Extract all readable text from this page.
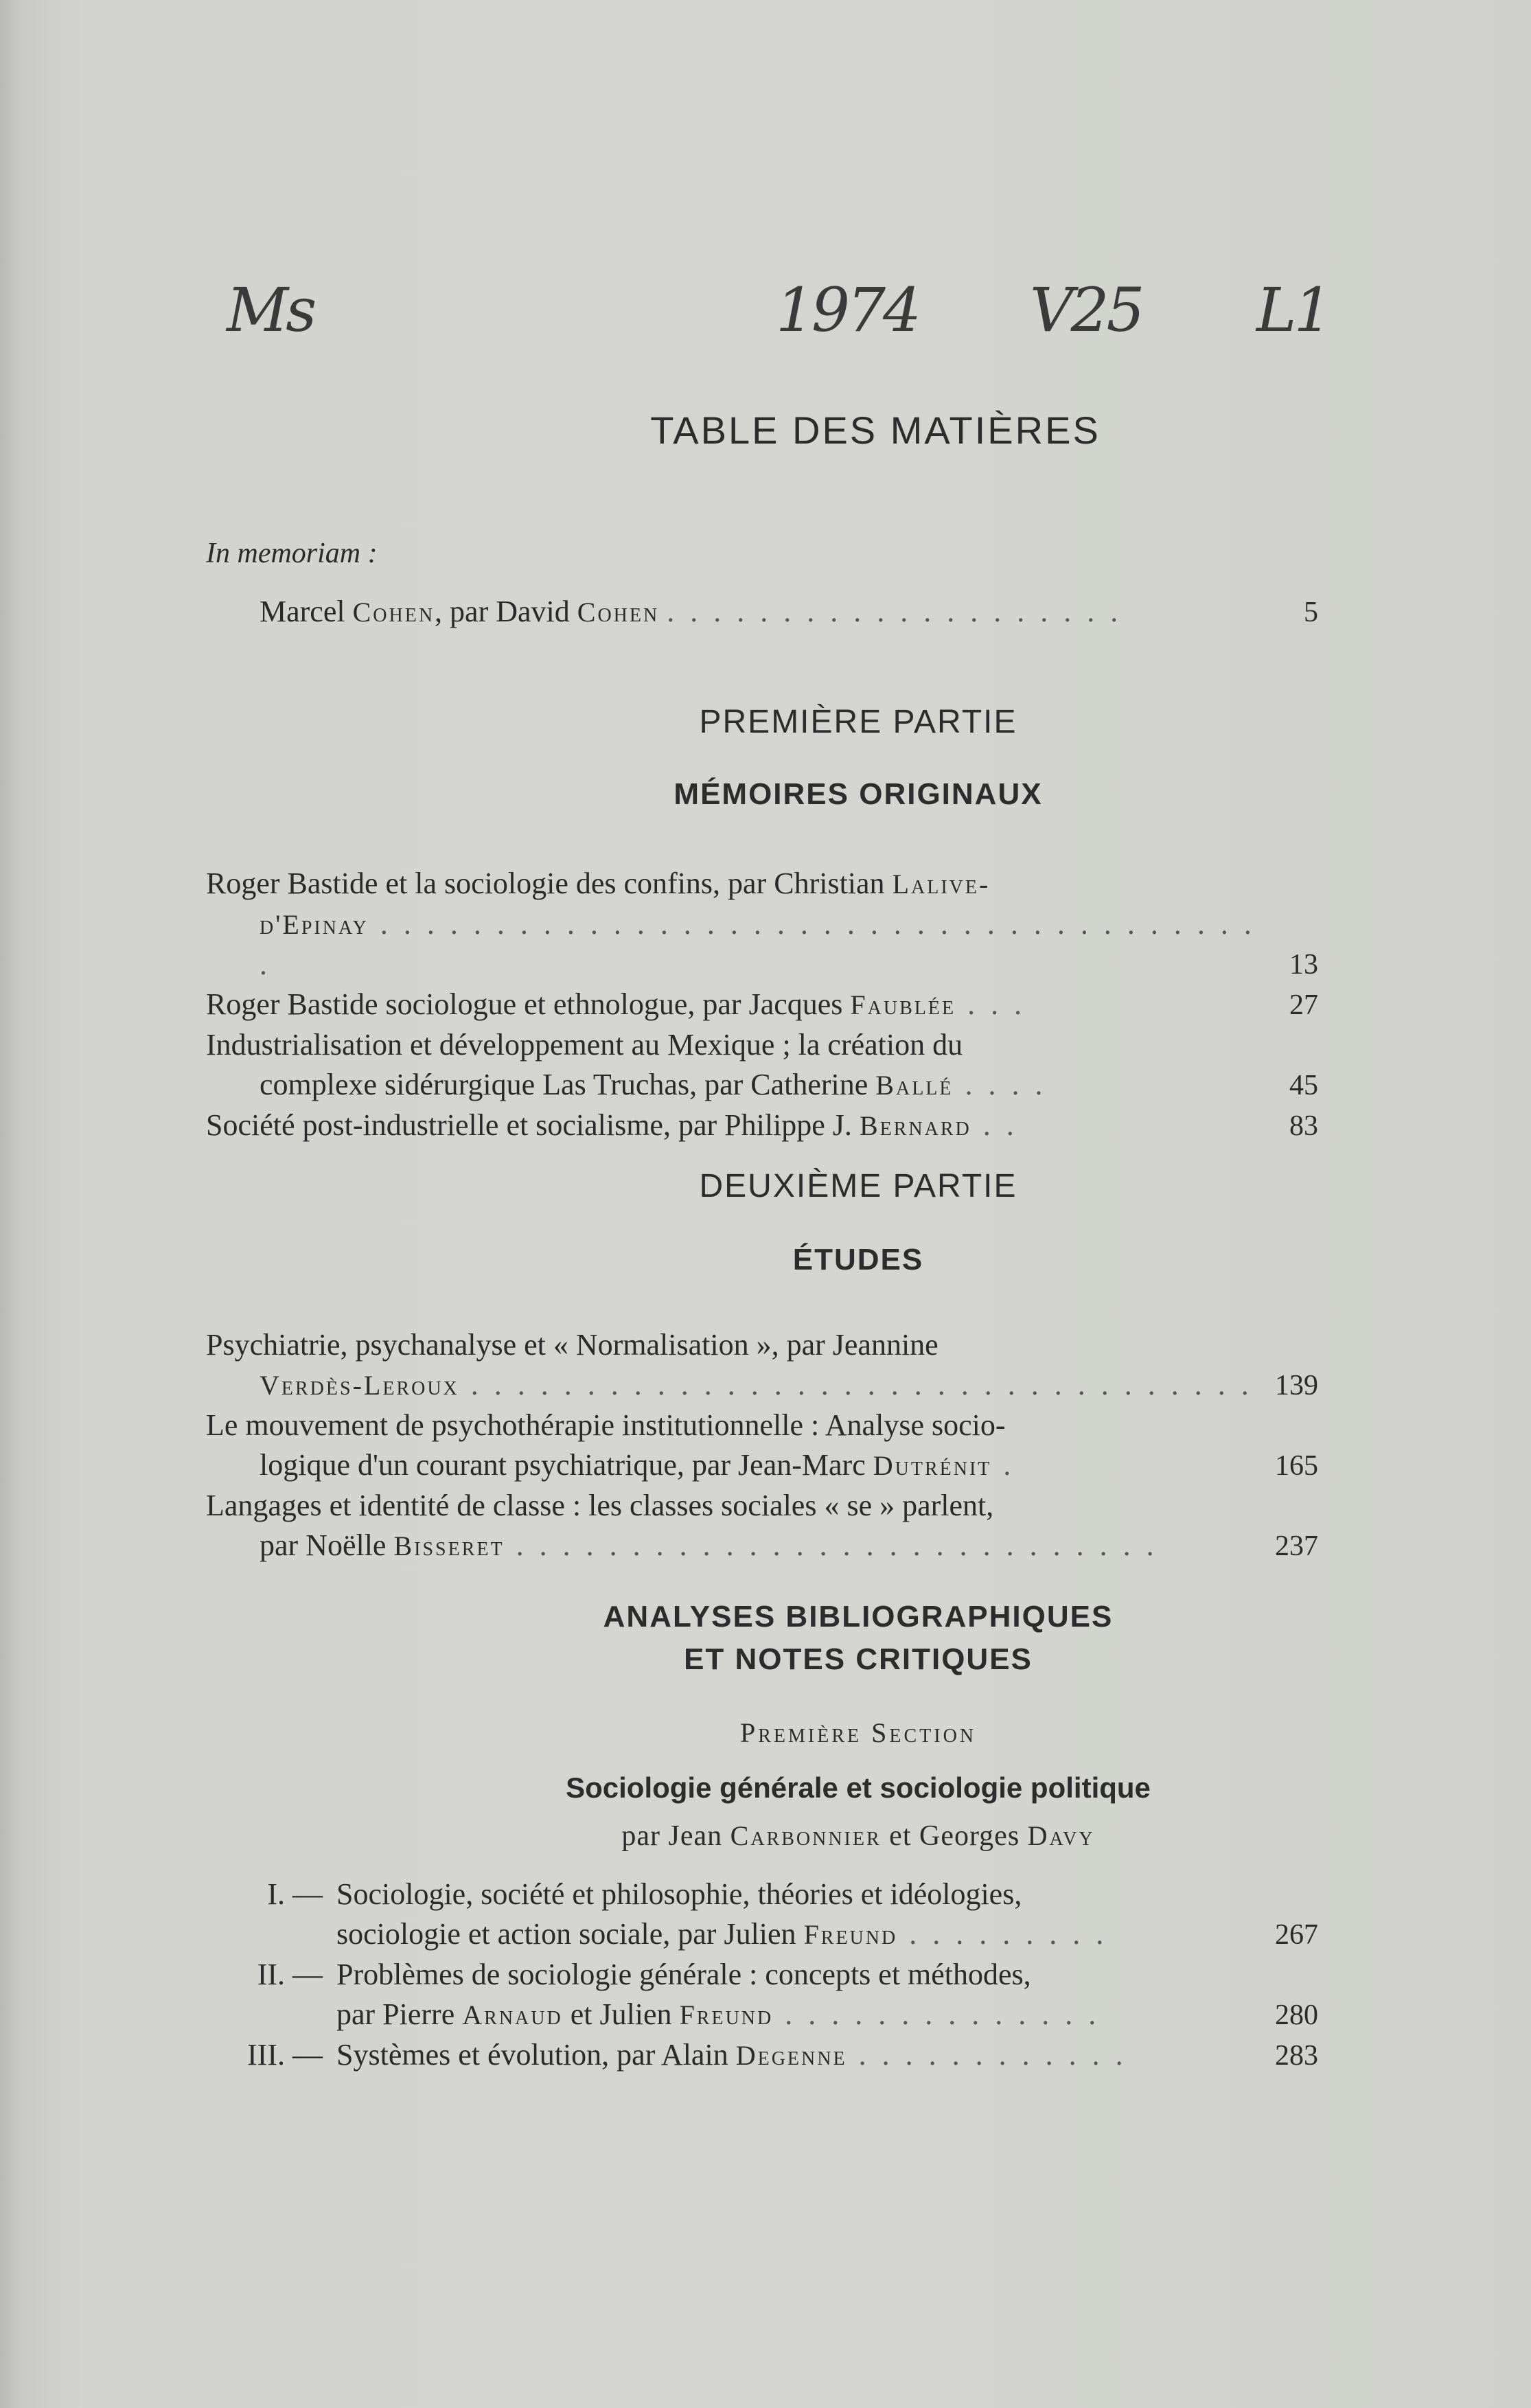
Ms	1974 V25 L1
TABLE DES MATIÈRES
In memoriam :
Marcel Cohen, par David Cohen . . . . . . . . . . . . . . . . . . . .	5
PREMIÈRE PARTIE
MÉMOIRES ORIGINAUX
Roger Bastide et la sociologie des confins, par Christian Lalive-
d'Epinay . . . . . . . . . . . . . . . . . . . . . . . . . . . . . . . . . . . . . . .	13
Roger Bastide sociologue et ethnologue, par Jacques Faublée . . .	27
Industrialisation et développement au Mexique ; la création du
complexe sidérurgique Las Truchas, par Catherine Ballé . . . .	45
Société post-industrielle et socialisme, par Philippe J. Bernard . .	83
DEUXIÈME PARTIE
ÉTUDES
Psychiatrie, psychanalyse et « Normalisation », par Jeannine
Verdès-Leroux . . . . . . . . . . . . . . . . . . . . . . . . . . . . . . . . . . 139
Le mouvement de psychothérapie institutionnelle : Analyse socio-
logique d'un courant psychiatrique, par Jean-Marc Dutrénit .	165
Langages et identité de classe : les classes sociales « se » parlent,
par Noëlle Bisseret . . . . . . . . . . . . . . . . . . . . . . . . . . . .	237
ANALYSES BIBLIOGRAPHIQUES
ET NOTES CRITIQUES
Première Section
Sociologie générale et sociologie politique
par Jean Carbonnier et Georges Davy
I. — Sociologie, société et philosophie, théories et idéologies,
sociologie et action sociale, par Julien Freund . . . . . . . . .	267
II. — Problèmes de sociologie générale : concepts et méthodes,
par Pierre Arnaud et Julien Freund . . . . . . . . . . . . . .	280
III. — Systèmes et évolution, par Alain Degenne . . . . . . . . . . . .	283
